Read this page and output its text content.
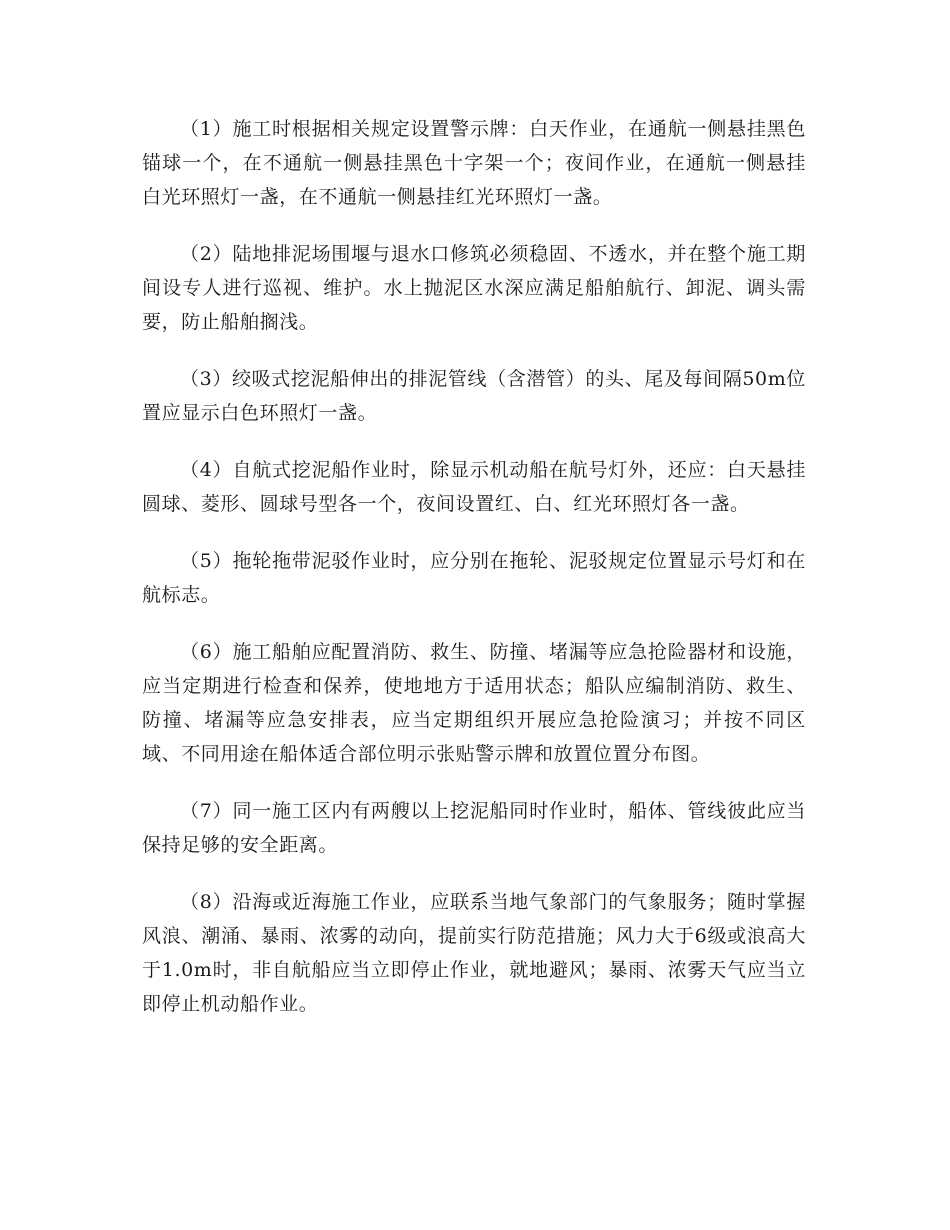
（1）施工时根据相关规定设置警示牌：白天作业，在通航一侧悬挂黑色锚球一个，在不通航一侧悬挂黑色十字架一个；夜间作业，在通航一侧悬挂白光环照灯一盏，在不通航一侧悬挂红光环照灯一盏。

（2）陆地排泥场围堰与退水口修筑必须稳固、不透水，并在整个施工期间设专人进行巡视、维护。水上抛泥区水深应满足船舶航行、卸泥、调头需要，防止船舶搁浅。

（3）绞吸式挖泥船伸出的排泥管线（含潜管）的头、尾及每间隔50m位置应显示白色环照灯一盏。

（4）自航式挖泥船作业时，除显示机动船在航号灯外，还应：白天悬挂圆球、菱形、圆球号型各一个，夜间设置红、白、红光环照灯各一盏。

（5）拖轮拖带泥驳作业时，应分别在拖轮、泥驳规定位置显示号灯和在航标志。

（6）施工船舶应配置消防、救生、防撞、堵漏等应急抢险器材和设施，应当定期进行检查和保养，使地地方于适用状态；船队应编制消防、救生、防撞、堵漏等应急安排表，应当定期组织开展应急抢险演习；并按不同区域、不同用途在船体适合部位明示张贴警示牌和放置位置分布图。

（7）同一施工区内有两艘以上挖泥船同时作业时，船体、管线彼此应当保持足够的安全距离。

（8）沿海或近海施工作业，应联系当地气象部门的气象服务；随时掌握风浪、潮涌、暴雨、浓雾的动向，提前实行防范措施；风力大于6级或浪高大于1.0m时，非自航船应当立即停止作业，就地避风；暴雨、浓雾天气应当立即停止机动船作业。
